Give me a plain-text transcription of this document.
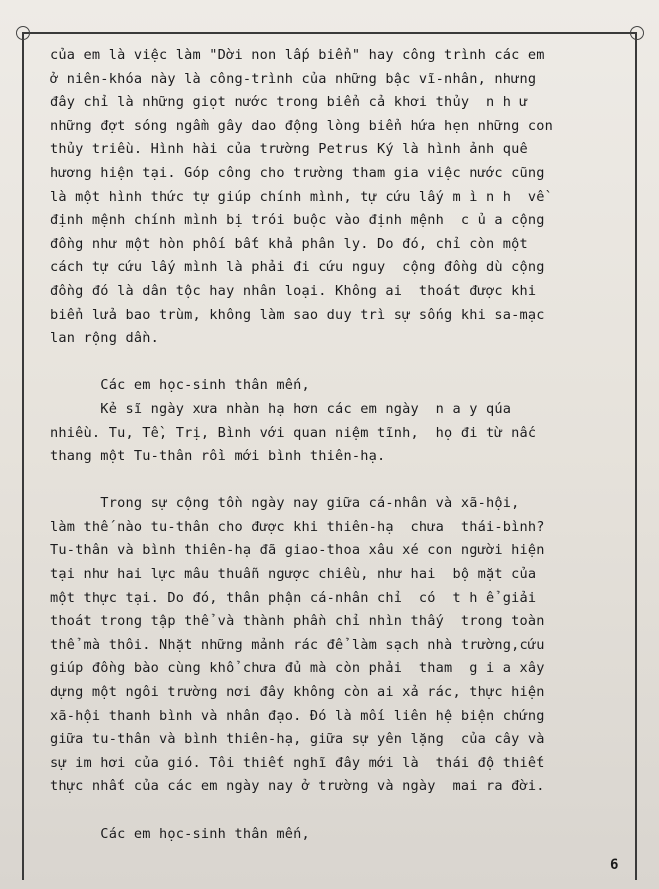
của em là việc làm "Dời non lấp biển" hay công trình các em
ở niên-khóa này là công-trình của những bậc vĩ-nhân, nhưng
đây chỉ là những giọt nước trong biển cả khơi thủy  n h ư
những đợt sóng ngầm gây dao động lòng biển hứa hẹn những con
thủy triều. Hình hài của trường Petrus Ký là hình ảnh quê
hương hiện tại. Góp công cho trường tham gia việc nước cũng
là một hình thức tự giúp chính mình, tự cứu lấy m ì n h  về
định mệnh chính mình bị trói buộc vào định mệnh  c ủ a cộng
đồng như một hòn phối bất khả phân ly. Do đó, chỉ còn một
cách tự cứu lấy mình là phải đi cứu nguy  cộng đồng dù cộng
đồng đó là dân tộc hay nhân loại. Không ai  thoát được khi
biển lửa bao trùm, không làm sao duy trì sự sống khi sa-mạc
lan rộng dần.
Các em học-sinh thân mến,
Kẻ sĩ ngày xưa nhàn hạ hơn các em ngày  n a y qúa
nhiều. Tu, Tề, Trị, Bình với quan niệm tĩnh,  họ đi từ nấc
thang một Tu-thân rồi mới bình thiên-hạ.
Trong sự cộng tồn ngày nay giữa cá-nhân và xã-hội,
làm thế nào tu-thân cho được khi thiên-hạ  chưa  thái-bình?
Tu-thân và bình thiên-hạ đã giao-thoa xâu xé con người hiện
tại như hai lực mâu thuẫn ngược chiều, như hai  bộ mặt của
một thực tại. Do đó, thân phận cá-nhân chỉ  có  t h ể giải
thoát trong tập thể và thành phần chỉ nhìn thấy  trong toàn
thể mà thôi. Nhặt những mảnh rác để làm sạch nhà trường,cứu
giúp đồng bào cùng khổ chưa đủ mà còn phải  tham  g i a xây
dựng một ngôi trường nơi đây không còn ai xả rác, thực hiện
xã-hội thanh bình và nhân đạo. Đó là mối liên hệ biện chứng
giữa tu-thân và bình thiên-hạ, giữa sự yên lặng  của cây và
sự im hơi của gió. Tôi thiết nghĩ đây mới là  thái độ thiết
thực nhất của các em ngày nay ở trường và ngày  mai ra đời.
Các em học-sinh thân mến,
6
